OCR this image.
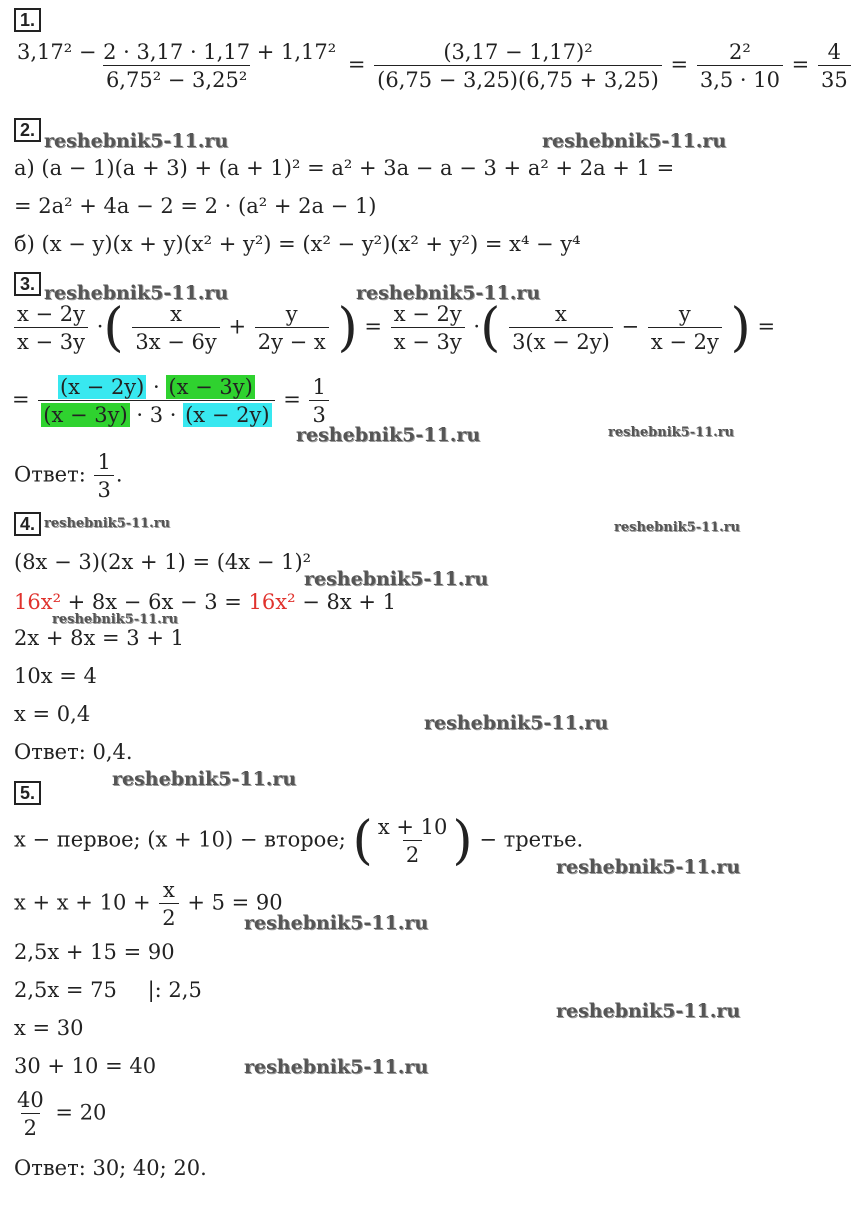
1.
2.
3.
4.
5.
$\frac{\text{3,17² − 2 · 3,17 · 1,17 + 1,17²}}{\text{6,75² − 3,25²}} = \frac{\text{(3,17 − 1,17)²}}{(6,75 - 3,25)(6,75 + 3,25)} = \frac{\text{2²}}{3,5 \cdot 10} = \frac{4}{35}$
а) (a − 1)(a + 3) + (a + 1)² = a² + 3a − a − 3 + a² + 2a + 1 =
= 2a² + 4a − 2 = 2 · (a² + 2a − 1)
б) (x − y)(x + y)(x² + y²) = (x² − y²)(x² + y²) = x⁴ − y⁴
$\frac{x - 2y}{x - 3y}$ ·( $\frac{x}{3x - 6y} + \frac{y}{2y - x}$ ) = $\frac{x - 2y}{x - 3y}$ ·( $\frac{x}{3(x - 2y)} - \frac{y}{x - 2y}$ ) =
= $\frac{(x - 2y) \cdot (x - 3y)}{(x - 3y) \cdot 3 \cdot (x - 2y)} = \frac{1}{3}$
Ответ: $\frac{1}{3}$ .
(8x − 3)(2x + 1) = (4x − 1)²
16x² + 8x − 6x − 3 = 16x² − 8x + 1
2x + 8x = 3 + 1
10x = 4
x = 0,4
Ответ: 0,4.
x − первое; (x + 10) − второе; ( $\frac{x + 10}{2}$ ) − третье.
$x + x + 10 + \frac{x}{2} + 5 = 90$
2,5x + 15 = 90
2,5x = 75 |: 2,5
x = 30
30 + 10 = 40
$\frac{40}{2} = 20$
Ответ: 30; 40; 20.
reshebnik5-11.ru	reshebnik5-11.ru
reshebnik5-11.ru	reshebnik5-11.ru
reshebnik5-11.ru	reshebnik5-11.ru
reshebnik5-11.ru	reshebnik5-11.ru
reshebnik5-11.ru
reshebnik5-11.ru
reshebnik5-11.ru
reshebnik5-11.ru
reshebnik5-11.ru
reshebnik5-11.ru
reshebnik5-11.ru
reshebnik5-11.ru
